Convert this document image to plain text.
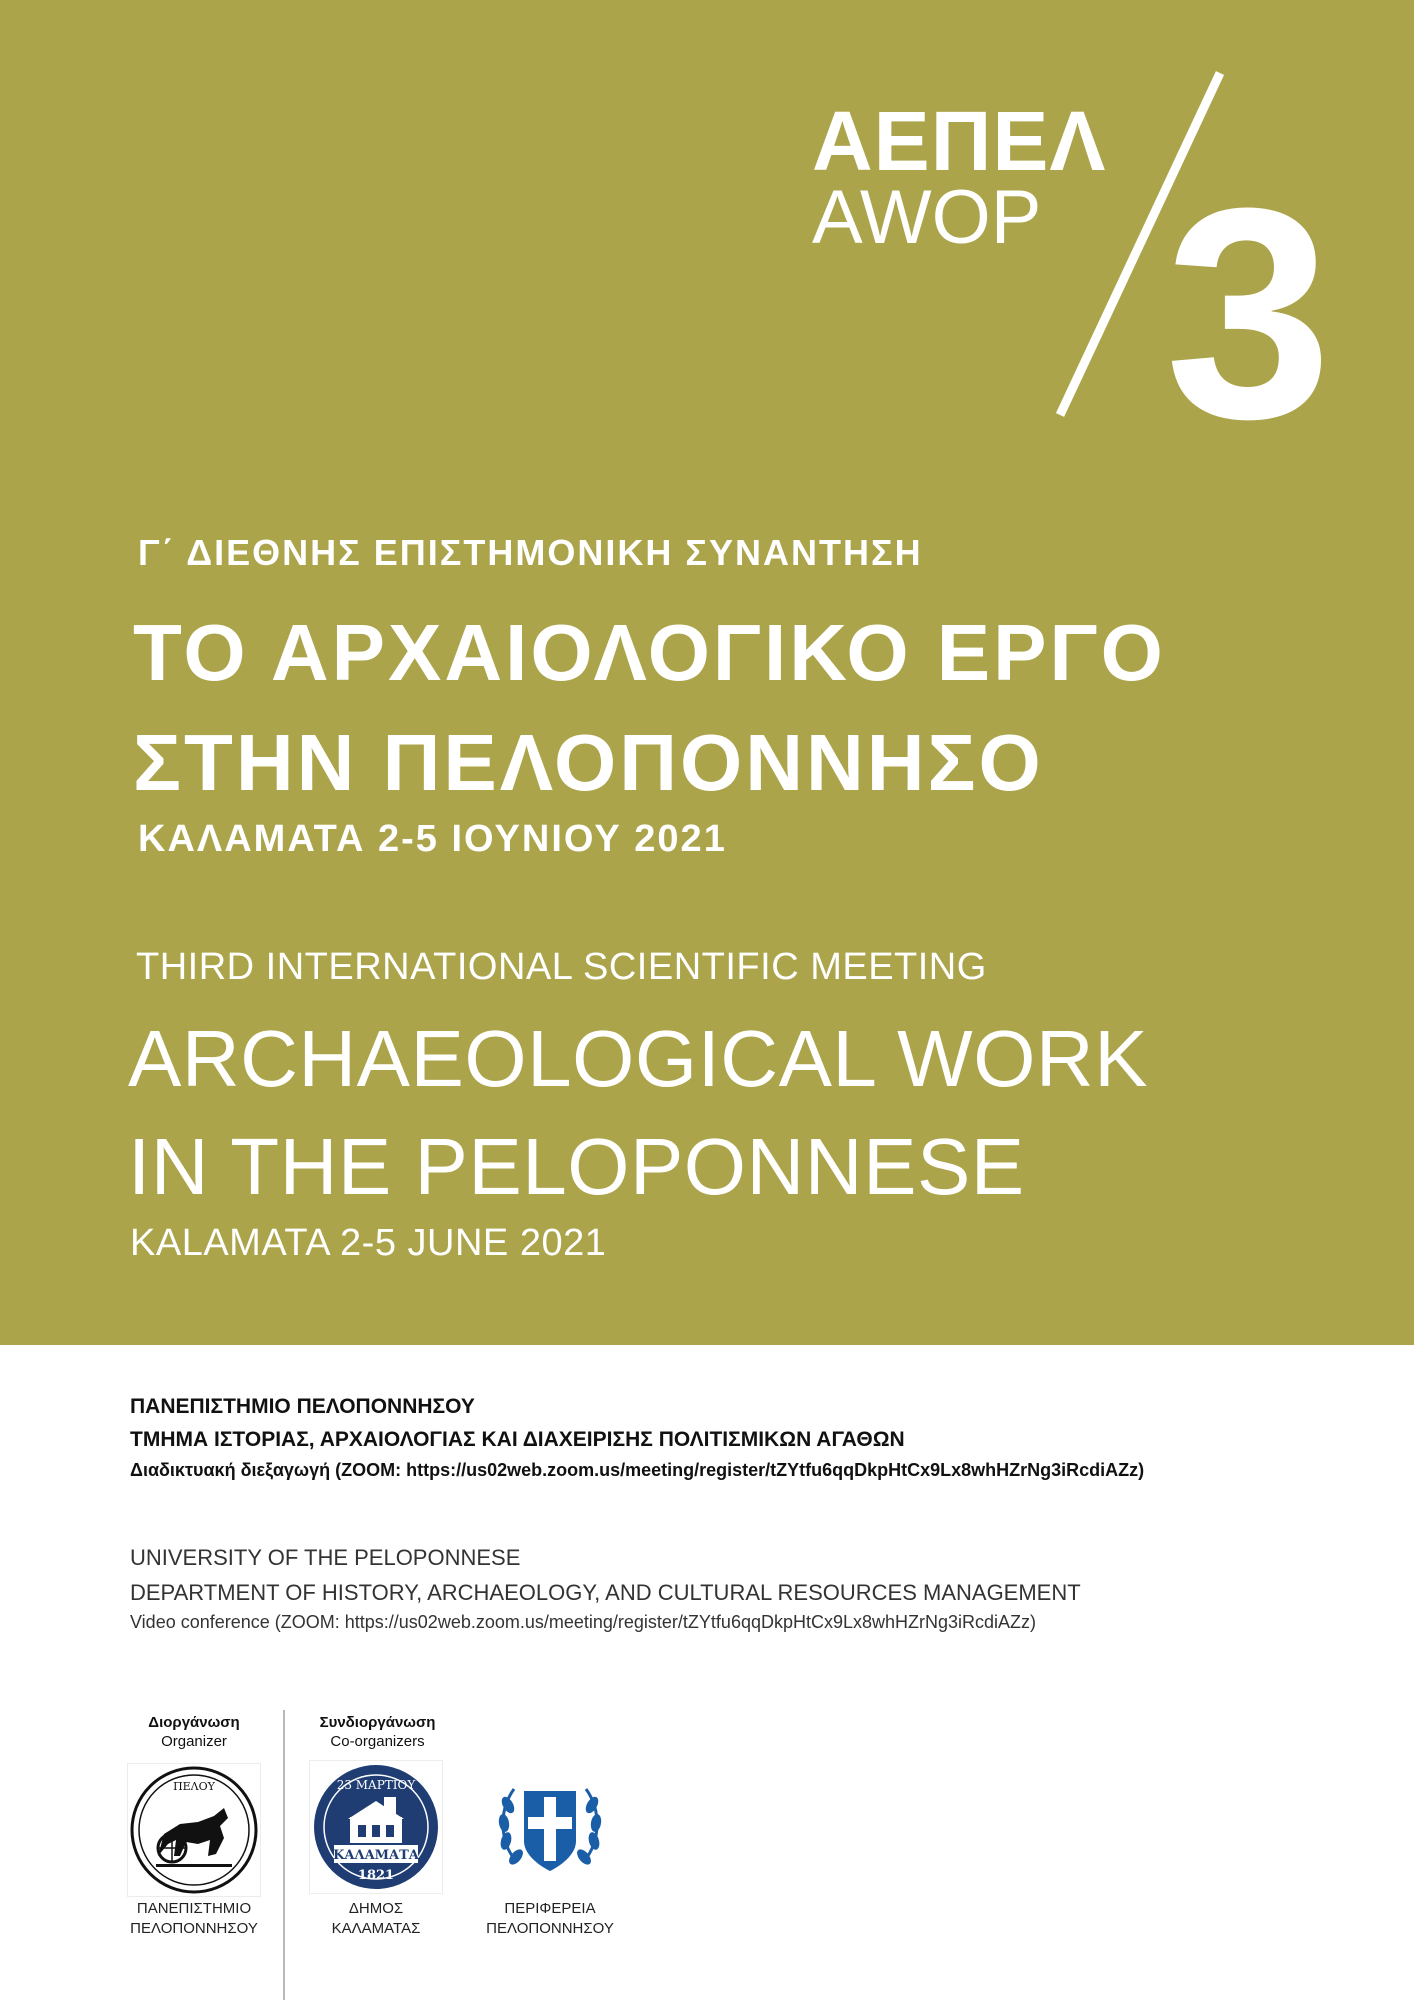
ΑΕΠΕΛ
AWOP 3

Γ΄ ΔΙΕΘΝΗΣ ΕΠΙΣΤΗΜΟΝΙΚΗ ΣΥΝΑΝΤΗΣΗ

ΤΟ ΑΡΧΑΙΟΛΟΓΙΚΟ ΕΡΓΟ
ΣΤΗΝ ΠΕΛΟΠΟΝΝΗΣΟ

ΚΑΛΑΜΑΤΑ 2-5 ΙΟΥΝΙΟΥ 2021

THIRD INTERNATIONAL SCIENTIFIC MEETING

ARCHAEOLOGICAL WORK
IN THE PELOPONNESE

KALAMATA 2-5 JUNE 2021

ΠΑΝΕΠΙΣΤΗΜΙΟ ΠΕΛΟΠΟΝΝΗΣΟΥ

ΤΜΗΜΑ ΙΣΤΟΡΙΑΣ, ΑΡΧΑΙΟΛΟΓΙΑΣ ΚΑΙ ΔΙΑΧΕΙΡΙΣΗΣ ΠΟΛΙΤΙΣΜΙΚΩΝ ΑΓΑΘΩΝ

Διαδικτυακή διεξαγωγή (ZOOM: https://us02web.zoom.us/meeting/register/tZYtfu6qqDkpHtCx9Lx8whHZrNg3iRcdiAZz)

UNIVERSITY OF THE PELOPONNESE

DEPARTMENT OF HISTORY, ARCHAEOLOGY, AND CULTURAL RESOURCES MANAGEMENT

Video conference (ZOOM: https://us02web.zoom.us/meeting/register/tZYtfu6qqDkpHtCx9Lx8whHZrNg3iRcdiAZz)

Διοργάνωση
Organizer
Συνδιοργάνωση
Co-organizers
ΠΕΛΟΥ
ΠΑΝΕΠΙΣΤΗΜΙΟ
ΠΕΛΟΠΟΝΝΗΣΟΥ
23 ΜΑΡΤΙΟΥ
ΚΑΛΑΜΑΤΑ
1821
ΔΗΜΟΣ
ΚΑΛΑΜΑΤΑΣ
ΠΕΡΙΦΕΡΕΙΑ
ΠΕΛΟΠΟΝΝΗΣΟΥ
